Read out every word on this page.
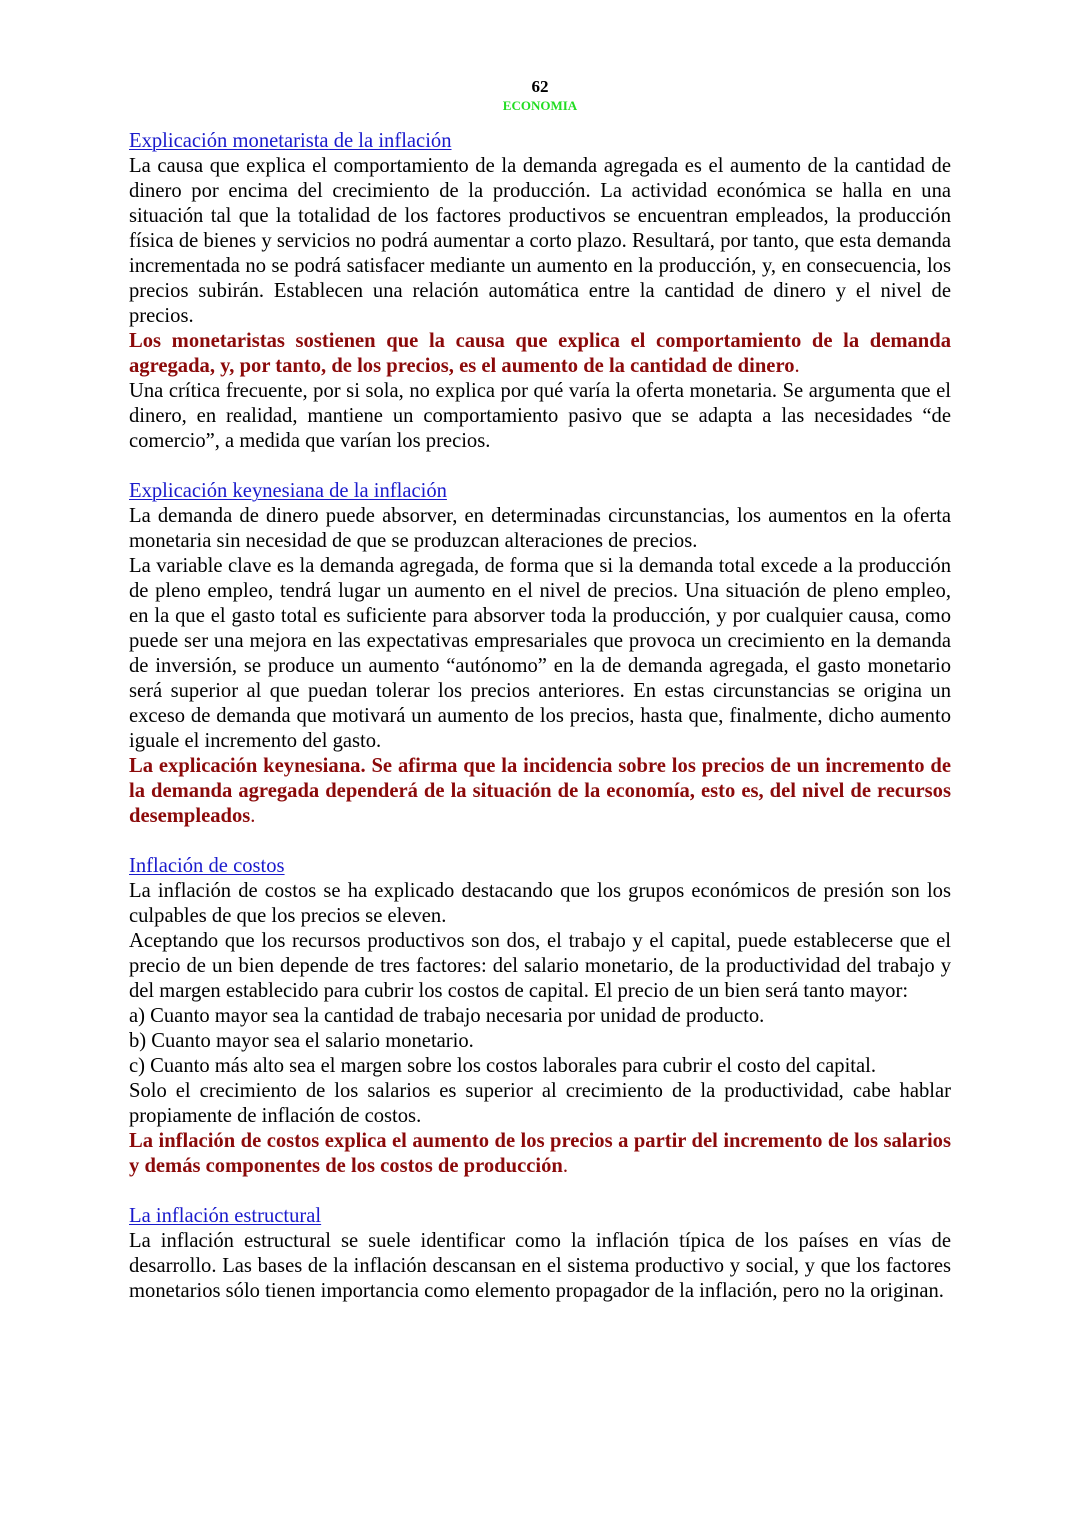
62
ECONOMIA
Explicación monetarista de la inflación

La causa que explica el comportamiento de la demanda agregada es el aumento de la cantidad de dinero por encima del crecimiento de la producción. La actividad económica se halla en una situación tal que la totalidad de los factores productivos se encuentran empleados, la producción física de bienes y servicios no podrá aumentar a corto plazo. Resultará, por tanto, que esta demanda incrementada no se podrá satisfacer mediante un aumento en la producción, y, en consecuencia, los precios subirán. Establecen una relación automática entre la cantidad de dinero y el nivel de precios.

Los monetaristas sostienen que la causa que explica el comportamiento de la demanda agregada, y, por tanto, de los precios, es el aumento de la cantidad de dinero.

Una crítica frecuente, por si sola, no explica por qué varía la oferta monetaria. Se argumenta que el dinero, en realidad, mantiene un comportamiento pasivo que se adapta a las necesidades “de comercio”, a medida que varían los precios.

Explicación keynesiana de la inflación

La demanda de dinero puede absorver, en determinadas circunstancias, los aumentos en la oferta monetaria sin necesidad de que se produzcan alteraciones de precios.

La variable clave es la demanda agregada, de forma que si la demanda total excede a la producción de pleno empleo, tendrá lugar un aumento en el nivel de precios. Una situación de pleno empleo, en la que el gasto total es suficiente para absorver toda la producción, y por cualquier causa, como puede ser una mejora en las expectativas empresariales que provoca un crecimiento en la demanda de inversión, se produce un aumento “autónomo” en la de demanda agregada, el gasto monetario será superior al que puedan tolerar los precios anteriores. En estas circunstancias se origina un exceso de demanda que motivará un aumento de los precios, hasta que, finalmente, dicho aumento iguale el incremento del gasto.

La explicación keynesiana. Se afirma que la incidencia sobre los precios de un incremento de la demanda agregada dependerá de la situación de la economía, esto es, del nivel de recursos desempleados.

Inflación de costos

La inflación de costos se ha explicado destacando que los grupos económicos de presión son los culpables de que los precios se eleven.

Aceptando que los recursos productivos son dos, el trabajo y el capital, puede establecerse que el precio de un bien depende de tres factores: del salario monetario, de la productividad del trabajo y del margen establecido para cubrir los costos de capital. El precio de un bien será tanto mayor:

a) Cuanto mayor sea la cantidad de trabajo necesaria por unidad de producto.

b) Cuanto mayor sea el salario monetario.

c) Cuanto más alto sea el margen sobre los costos laborales para cubrir el costo del capital.

Solo el crecimiento de los salarios es superior al crecimiento de la productividad, cabe hablar propiamente de inflación de costos.

La inflación de costos explica el aumento de los precios a partir del incremento de los salarios y demás componentes de los costos de producción.

La inflación estructural

La inflación estructural se suele identificar como la inflación típica de los países en vías de desarrollo. Las bases de la inflación descansan en el sistema productivo y social, y que los factores monetarios sólo tienen importancia como elemento propagador de la inflación, pero no la originan.
